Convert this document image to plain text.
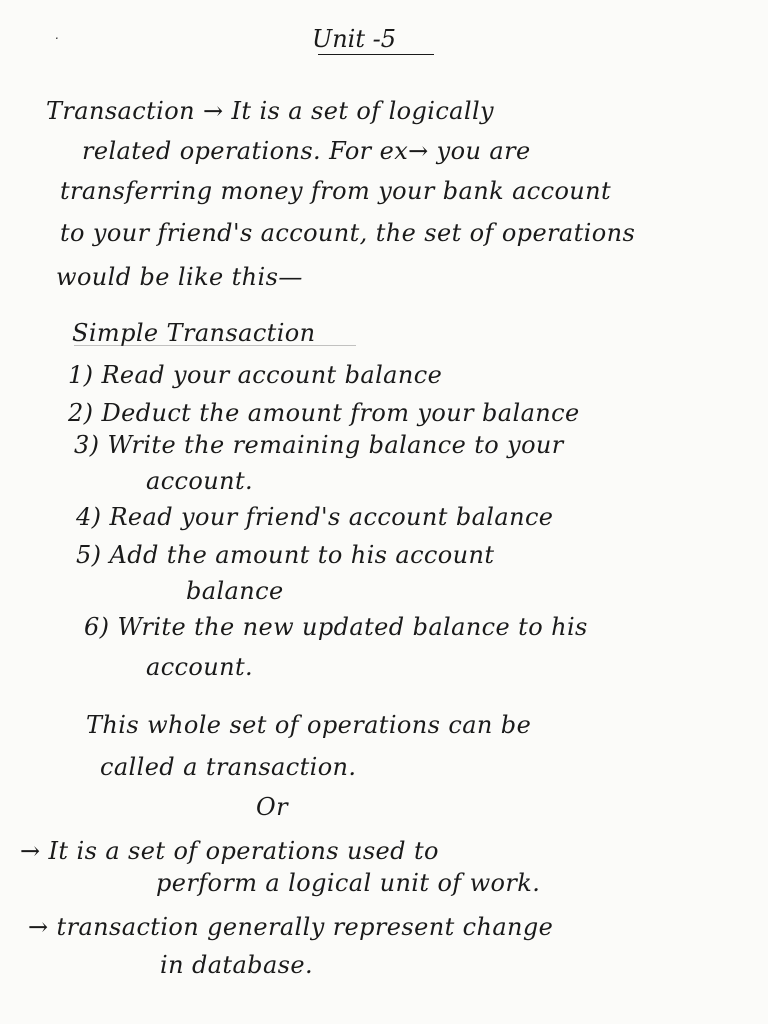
Unit -5
˙
Transaction → It is a set of logically
related operations. For ex→ you are
transferring money from your bank account
to your friend's account, the set of operations
would be like this—
Simple Transaction
1) Read your account balance
2) Deduct the amount from your balance
3) Write the remaining balance to your
account.
4) Read your friend's account balance
5) Add the amount to his account
balance
6) Write the new updated balance to his
account.
This whole set of operations can be
called a transaction.
Or
→ It is a set of operations used to
perform a logical unit of work.
→ transaction generally represent change
in database.
